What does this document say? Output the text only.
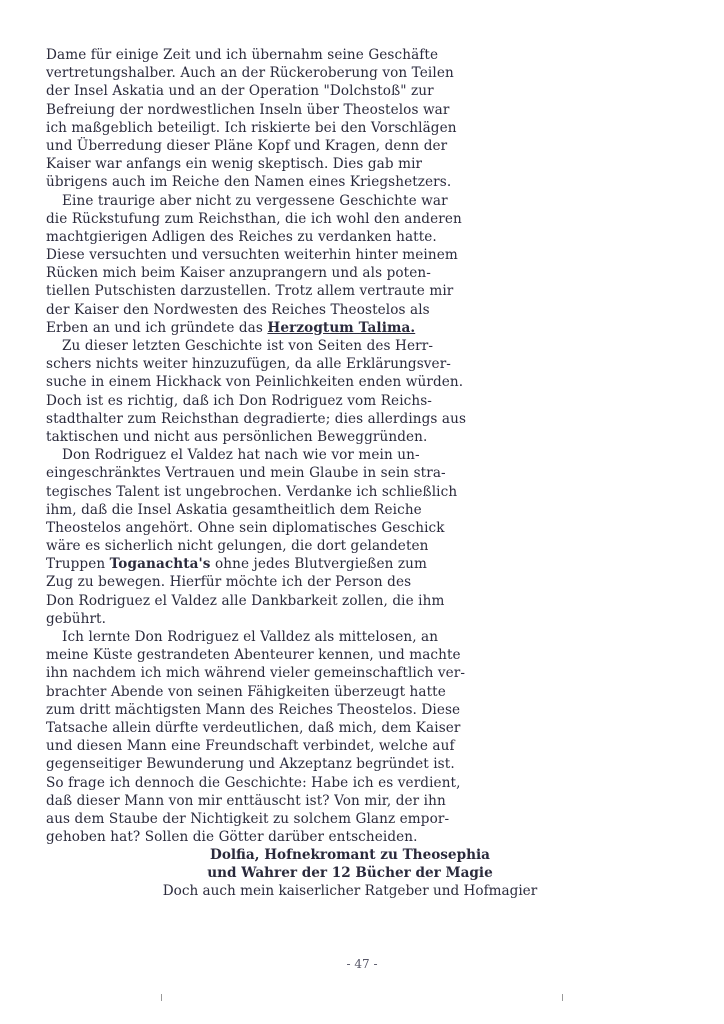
Dame für einige Zeit und ich übernahm seine Geschäfte
vertretungshalber. Auch an der Rückeroberung von Teilen
der Insel Askatia und an der Operation "Dolchstoß" zur
Befreiung der nordwestlichen Inseln über Theostelos war
ich maßgeblich beteiligt. Ich riskierte bei den Vorschlägen
und Überredung dieser Pläne Kopf und Kragen, denn der
Kaiser war anfangs ein wenig skeptisch. Dies gab mir
übrigens auch im Reiche den Namen eines Kriegshetzers.
Eine traurige aber nicht zu vergessene Geschichte war
die Rückstufung zum Reichsthan, die ich wohl den anderen
machtgierigen Adligen des Reiches zu verdanken hatte.
Diese versuchten und versuchten weiterhin hinter meinem
Rücken mich beim Kaiser anzuprangern und als poten-
tiellen Putschisten darzustellen. Trotz allem vertraute mir
der Kaiser den Nordwesten des Reiches Theostelos als
Erben an und ich gründete das Herzogtum Talima.
Zu dieser letzten Geschichte ist von Seiten des Herr-
schers nichts weiter hinzuzufügen, da alle Erklärungsver-
suche in einem Hickhack von Peinlichkeiten enden würden.
Doch ist es richtig, daß ich Don Rodriguez vom Reichs-
stadthalter zum Reichsthan degradierte; dies allerdings aus
taktischen und nicht aus persönlichen Beweggründen.
Don Rodriguez el Valdez hat nach wie vor mein un-
eingeschränktes Vertrauen und mein Glaube in sein stra-
tegisches Talent ist ungebrochen. Verdanke ich schließlich
ihm, daß die Insel Askatia gesamtheitlich dem Reiche
Theostelos angehört. Ohne sein diplomatisches Geschick
wäre es sicherlich nicht gelungen, die dort gelandeten
Truppen Toganachta's ohne jedes Blutvergießen zum
Zug zu bewegen. Hierfür möchte ich der Person des
Don Rodriguez el Valdez alle Dankbarkeit zollen, die ihm
gebührt.
Ich lernte Don Rodriguez el Valldez als mittelosen, an
meine Küste gestrandeten Abenteurer kennen, und machte
ihn nachdem ich mich während vieler gemeinschaftlich ver-
brachter Abende von seinen Fähigkeiten überzeugt hatte
zum dritt mächtigsten Mann des Reiches Theostelos. Diese
Tatsache allein dürfte verdeutlichen, daß mich, dem Kaiser
und diesen Mann eine Freundschaft verbindet, welche auf
gegenseitiger Bewunderung und Akzeptanz begründet ist.
So frage ich dennoch die Geschichte: Habe ich es verdient,
daß dieser Mann von mir enttäuscht ist? Von mir, der ihn
aus dem Staube der Nichtigkeit zu solchem Glanz empor-
gehoben hat? Sollen die Götter darüber entscheiden.
Dolfia, Hofnekromant zu Theosephia
und Wahrer der 12 Bücher der Magie
Doch auch mein kaiserlicher Ratgeber und Hofmagier
- 47 -
